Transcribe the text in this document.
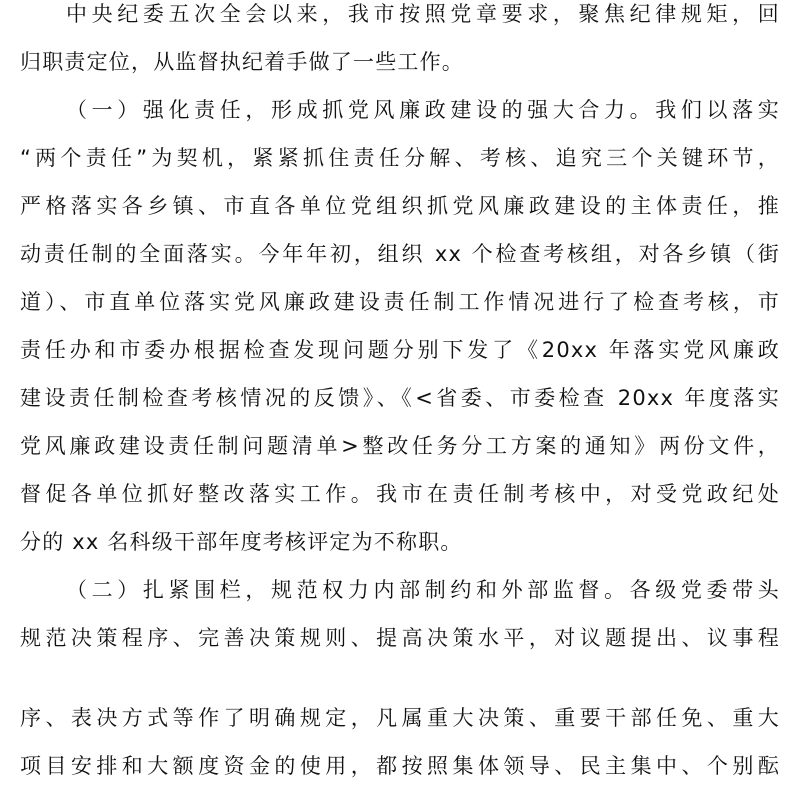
中央纪委五次全会以来，我市按照党章要求，聚焦纪律规矩，回
归职责定位，从监督执纪着手做了一些工作。
（一）强化责任，形成抓党风廉政建设的强大合力。我们以落实
“两个责任”为契机，紧紧抓住责任分解、考核、追究三个关键环节，
严格落实各乡镇、市直各单位党组织抓党风廉政建设的主体责任，推
动责任制的全面落实。今年年初，组织 xx 个检查考核组，对各乡镇（街
道）、市直单位落实党风廉政建设责任制工作情况进行了检查考核，市
责任办和市委办根据检查发现问题分别下发了《20xx 年落实党风廉政
建设责任制检查考核情况的反馈》、《<省委、市委检查 20xx 年度落实
党风廉政建设责任制问题清单>整改任务分工方案的通知》两份文件，
督促各单位抓好整改落实工作。我市在责任制考核中，对受党政纪处
分的 xx 名科级干部年度考核评定为不称职。
（二）扎紧围栏，规范权力内部制约和外部监督。各级党委带头
规范决策程序、完善决策规则、提高决策水平，对议题提出、议事程
序、表决方式等作了明确规定，凡属重大决策、重要干部任免、重大
项目安排和大额度资金的使用，都按照集体领导、民主集中、个别酝
